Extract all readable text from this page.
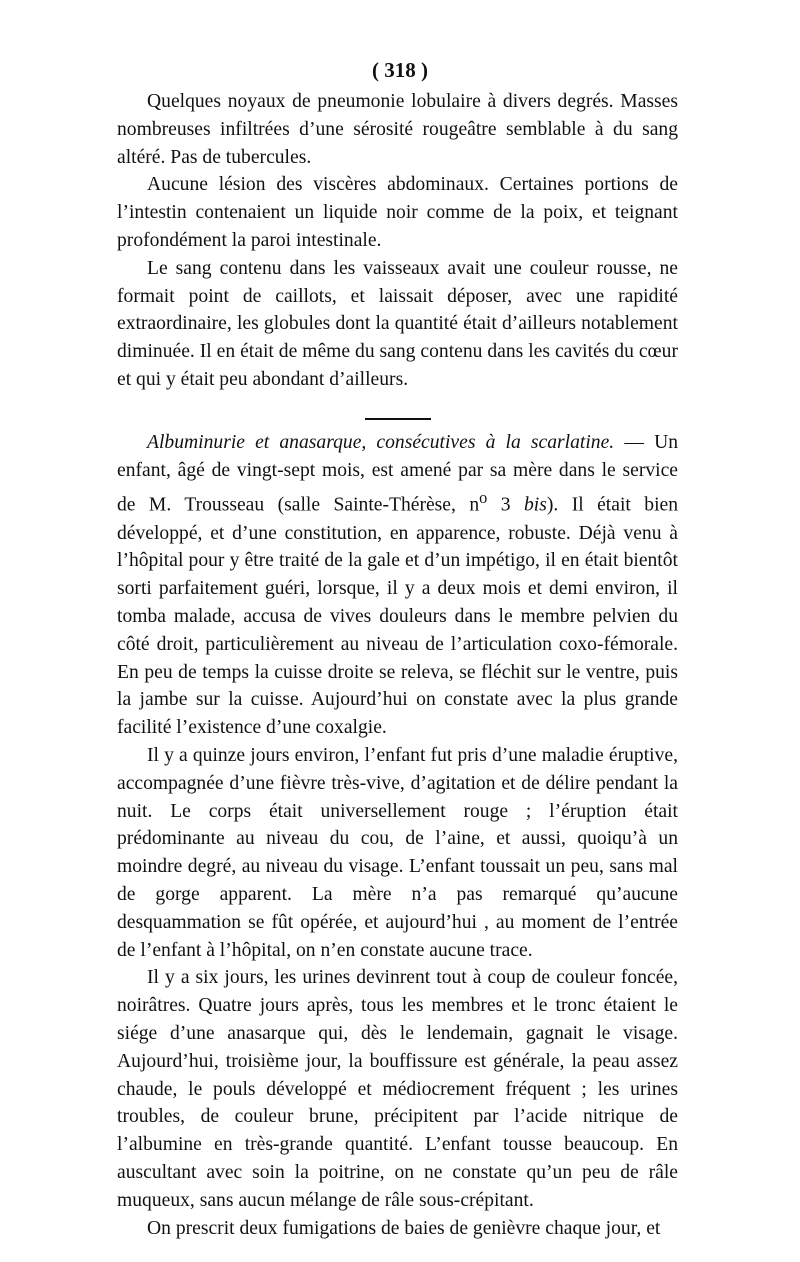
( 318 )

Quelques noyaux de pneumonie lobulaire à divers degrés. Masses nombreuses infiltrées d’une sérosité rougeâtre semblable à du sang altéré. Pas de tubercules.

Aucune lésion des viscères abdominaux. Certaines portions de l’intestin contenaient un liquide noir comme de la poix, et teignant profondément la paroi intestinale.

Le sang contenu dans les vaisseaux avait une couleur rousse, ne formait point de caillots, et laissait déposer, avec une rapidité extraordinaire, les globules dont la quantité était d’ailleurs notablement diminuée. Il en était de même du sang contenu dans les cavités du cœur et qui y était peu abondant d’ailleurs.

Albuminurie et anasarque, consécutives à la scarlatine. — Un enfant, âgé de vingt-sept mois, est amené par sa mère dans le service de M. Trousseau (salle Sainte-Thérèse, $n^o$ 3 bis). Il était bien développé, et d’une constitution, en apparence, robuste. Déjà venu à l’hôpital pour y être traité de la gale et d’un impétigo, il en était bientôt sorti parfaitement guéri, lorsque, il y a deux mois et demi environ, il tomba malade, accusa de vives douleurs dans le membre pelvien du côté droit, particulièrement au niveau de l’articulation coxo-fémorale. En peu de temps la cuisse droite se releva, se fléchit sur le ventre, puis la jambe sur la cuisse. Aujourd’hui on constate avec la plus grande facilité l’existence d’une coxalgie.

Il y a quinze jours environ, l’enfant fut pris d’une maladie éruptive, accompagnée d’une fièvre très-vive, d’agitation et de délire pendant la nuit. Le corps était universellement rouge ; l’éruption était prédominante au niveau du cou, de l’aine, et aussi, quoiqu’à un moindre degré, au niveau du visage. L’enfant toussait un peu, sans mal de gorge apparent. La mère n’a pas remarqué qu’aucune desquammation se fût opérée, et aujourd’hui , au moment de l’entrée de l’enfant à l’hôpital, on n’en constate aucune trace.

Il y a six jours, les urines devinrent tout à coup de couleur foncée, noirâtres. Quatre jours après, tous les membres et le tronc étaient le siége d’une anasarque qui, dès le lendemain, gagnait le visage. Aujourd’hui, troisième jour, la bouffissure est générale, la peau assez chaude, le pouls développé et médiocrement fréquent ; les urines troubles, de couleur brune, précipitent par l’acide nitrique de l’albumine en très-grande quantité. L’enfant tousse beaucoup. En auscultant avec soin la poitrine, on ne constate qu’un peu de râle muqueux, sans aucun mélange de râle sous-crépitant.

On prescrit deux fumigations de baies de genièvre chaque jour, et
